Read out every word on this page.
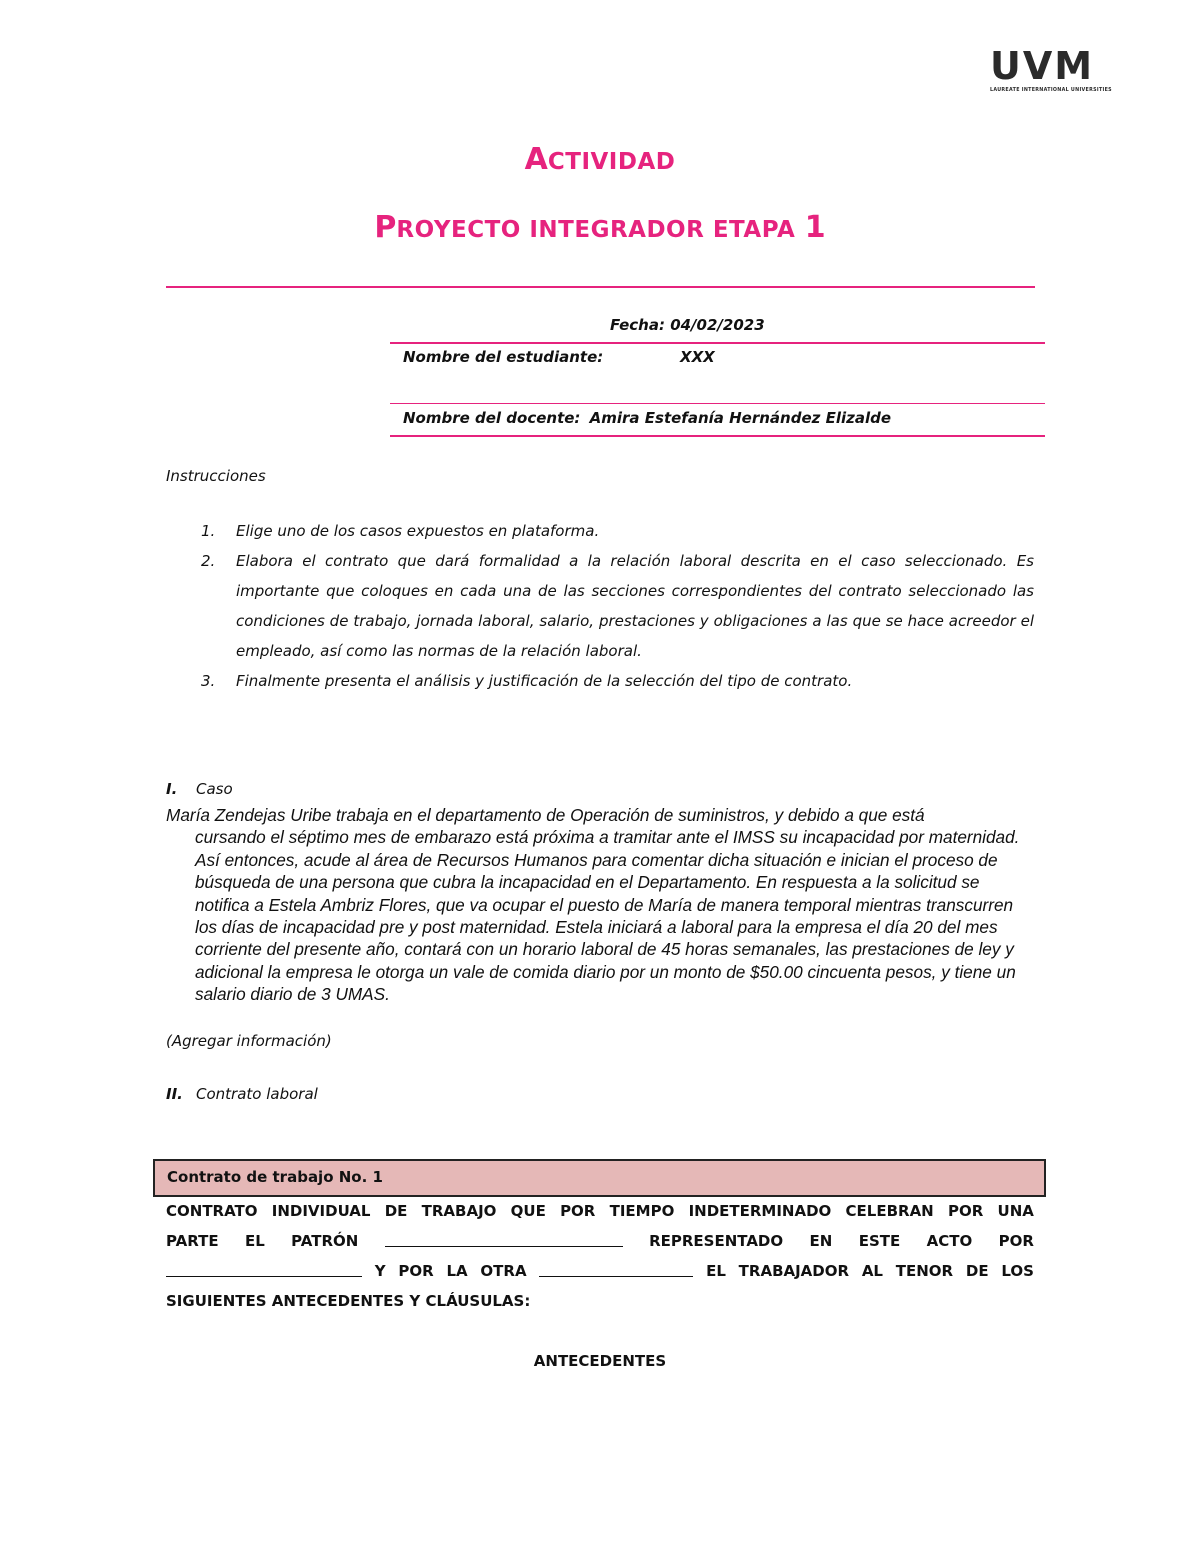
UVM
LAUREATE INTERNATIONAL UNIVERSITIES
ACTIVIDAD
PROYECTO INTEGRADOR ETAPA 1
Fecha: 04/02/2023
Nombre del estudiante:	XXX
Nombre del docente: Amira Estefanía Hernández Elizalde
Instrucciones
1. Elige uno de los casos expuestos en plataforma.
2. Elabora el contrato que dará formalidad a la relación laboral descrita en el caso seleccionado. Es importante que coloques en cada una de las secciones correspondientes del contrato seleccionado las condiciones de trabajo, jornada laboral, salario, prestaciones y obligaciones a las que se hace acreedor el empleado, así como las normas de la relación laboral.
3. Finalmente presenta el análisis y justificación de la selección del tipo de contrato.
I. Caso
María Zendejas Uribe trabaja en el departamento de Operación de suministros, y debido a que está
cursando el séptimo mes de embarazo está próxima a tramitar ante el IMSS su incapacidad por maternidad. Así entonces, acude al área de Recursos Humanos para comentar dicha situación e inician el proceso de búsqueda de una persona que cubra la incapacidad en el Departamento. En respuesta a la solicitud se notifica a Estela Ambriz Flores, que va ocupar el puesto de María de manera temporal mientras transcurren los días de incapacidad pre y post maternidad. Estela iniciará a laboral para la empresa el día 20 del mes corriente del presente año, contará con un horario laboral de 45 horas semanales, las prestaciones de ley y adicional la empresa le otorga un vale de comida diario por un monto de $50.00 cincuenta pesos, y tiene un salario diario de 3 UMAS.
(Agregar información)
II. Contrato laboral
Contrato de trabajo No. 1
CONTRATO INDIVIDUAL DE TRABAJO QUE POR TIEMPO INDETERMINADO CELEBRAN POR UNA
PARTE EL PATRÓN	REPRESENTADO EN ESTE ACTO POR
Y POR LA OTRA	EL TRABAJADOR AL TENOR DE LOS
SIGUIENTES ANTECEDENTES Y CLÁUSULAS:
ANTECEDENTES
